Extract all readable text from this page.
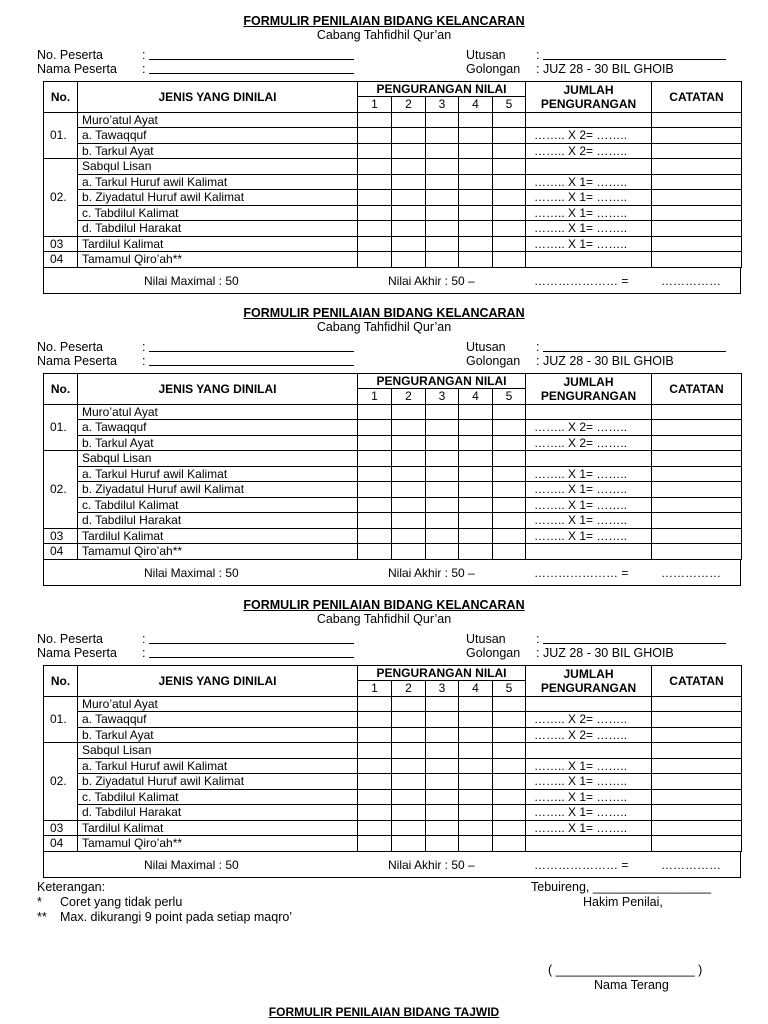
FORMULIR PENILAIAN BIDANG KELANCARAN
Cabang Tahfidhil Qur’an
No. Peserta	:
Nama Peserta :
Utusan :
Golongan : JUZ 28 - 30 BIL GHOIB
No.	JENIS YANG DINILAI	PENGURANGAN NILAI					JUMLAH
PENGURANGAN	CATATAN
		1	2	3	4	5		
01.	Muro’atul Ayat							
	a. Tawaqquf						…….. X 2= ……..	
	b. Tarkul Ayat						…….. X 2= ……..	
02.	Sabqul Lisan							
	a. Tarkul Huruf awil Kalimat						…….. X 1= ……..	
	b. Ziyadatul Huruf awil Kalimat						…….. X 1= ……..	
	c. Tabdilul Kalimat						…….. X 1= ……..	
	d. Tabdilul Harakat						…….. X 1= ……..	
03	Tardilul Kalimat						…….. X 1= ……..	
04	Tamamul Qiro’ah**							
Nilai Maximal : 50	Nilai Akhir : 50 –	………………… =	……………
FORMULIR PENILAIAN BIDANG KELANCARAN
Cabang Tahfidhil Qur’an
No. Peserta	:
Nama Peserta :
Utusan :
Golongan : JUZ 28 - 30 BIL GHOIB
No.	JENIS YANG DINILAI	PENGURANGAN NILAI					JUMLAH
PENGURANGAN	CATATAN
		1	2	3	4	5		
01.	Muro’atul Ayat							
	a. Tawaqquf						…….. X 2= ……..	
	b. Tarkul Ayat						…….. X 2= ……..	
02.	Sabqul Lisan							
	a. Tarkul Huruf awil Kalimat						…….. X 1= ……..	
	b. Ziyadatul Huruf awil Kalimat						…….. X 1= ……..	
	c. Tabdilul Kalimat						…….. X 1= ……..	
	d. Tabdilul Harakat						…….. X 1= ……..	
03	Tardilul Kalimat						…….. X 1= ……..	
04	Tamamul Qiro’ah**							
Nilai Maximal : 50	Nilai Akhir : 50 –	………………… =	……………
FORMULIR PENILAIAN BIDANG KELANCARAN
Cabang Tahfidhil Qur’an
No. Peserta	:
Nama Peserta :
Utusan :
Golongan : JUZ 28 - 30 BIL GHOIB
No.	JENIS YANG DINILAI	PENGURANGAN NILAI					JUMLAH
PENGURANGAN	CATATAN
		1	2	3	4	5		
01.	Muro’atul Ayat							
	a. Tawaqquf						…….. X 2= ……..	
	b. Tarkul Ayat						…….. X 2= ……..	
02.	Sabqul Lisan							
	a. Tarkul Huruf awil Kalimat						…….. X 1= ……..	
	b. Ziyadatul Huruf awil Kalimat						…….. X 1= ……..	
	c. Tabdilul Kalimat						…….. X 1= ……..	
	d. Tabdilul Harakat						…….. X 1= ……..	
03	Tardilul Kalimat						…….. X 1= ……..	
04	Tamamul Qiro’ah**							
Nilai Maximal : 50	Nilai Akhir : 50 –	………………… =	……………
Keterangan:
* Coret yang tidak perlu
** Max. dikurangi 9 point pada setiap maqro’
Tebuireng, _________________
Hakim Penilai,
( ____________________ )
Nama Terang
FORMULIR PENILAIAN BIDANG TAJWID
